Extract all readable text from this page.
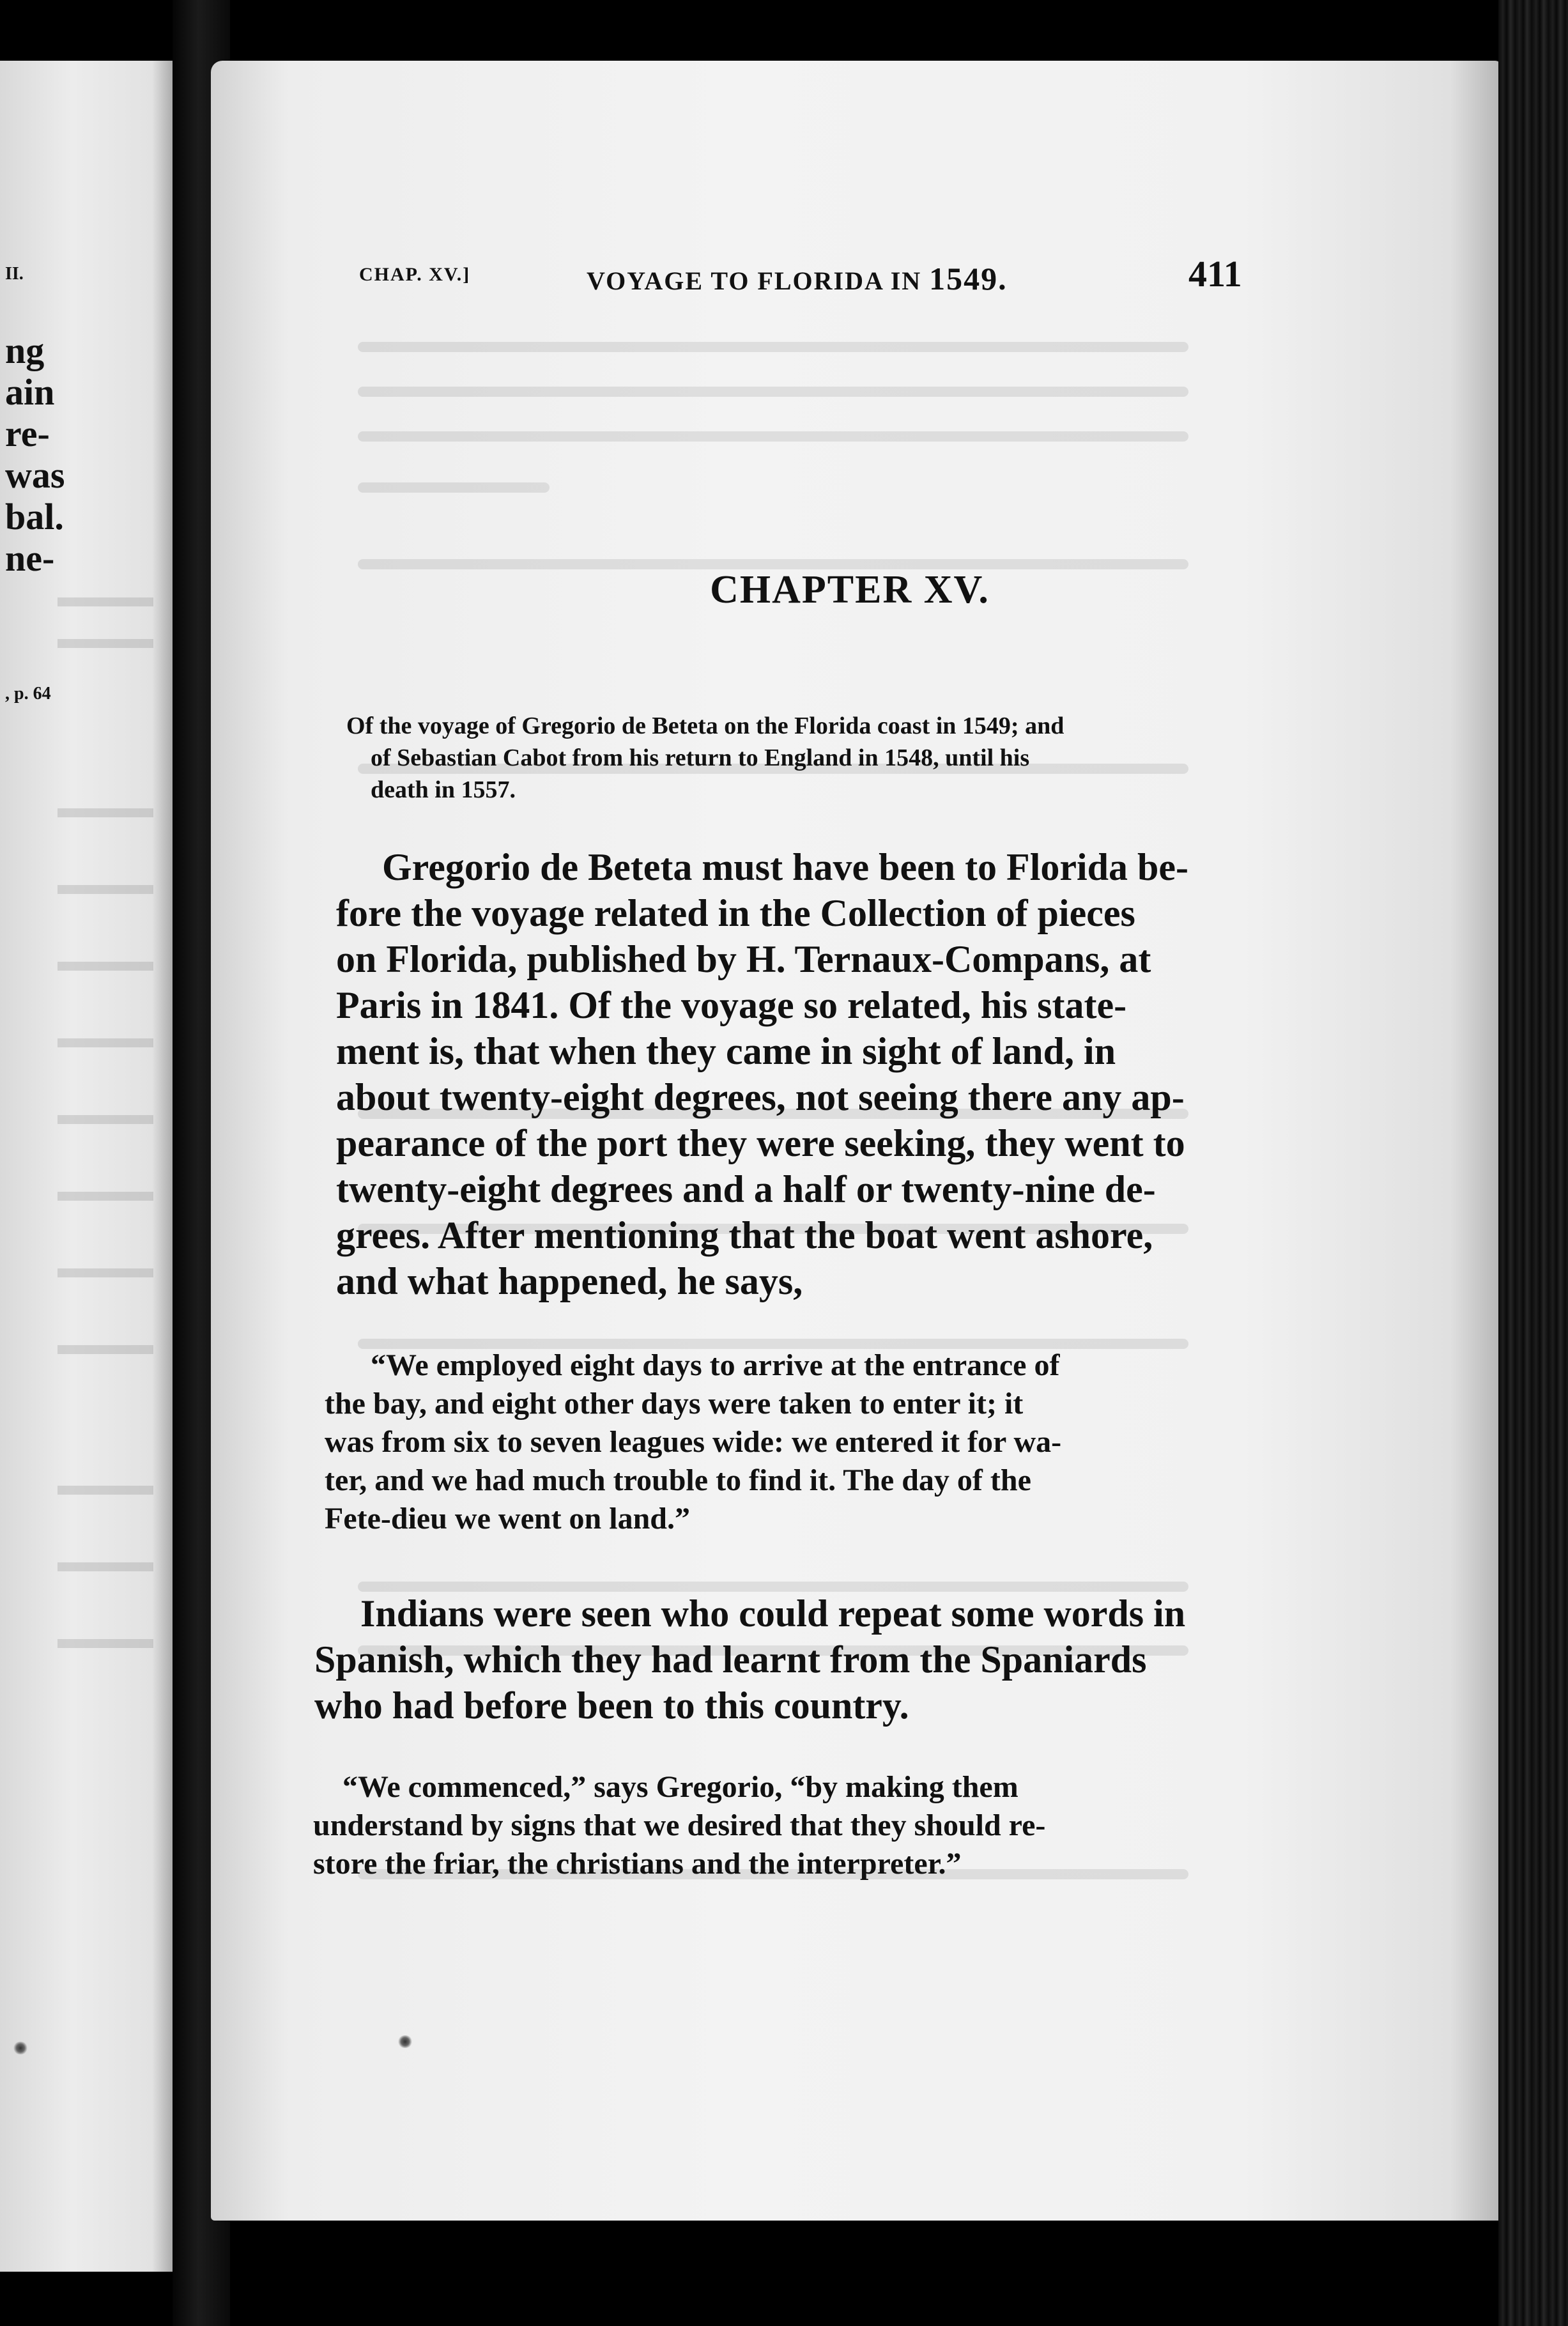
II.
ng
ain
re-
was
bal.
ne-
, p. 64
CHAP. XV.]	VOYAGE TO FLORIDA IN 1549.	411
CHAPTER XV.
Of the voyage of Gregorio de Beteta on the Florida coast in 1549; and
of Sebastian Cabot from his return to England in 1548, until his
death in 1557.
Gregorio de Beteta must have been to Florida be-
fore the voyage related in the Collection of pieces
on Florida, published by H. Ternaux-Compans, at
Paris in 1841. Of the voyage so related, his state-
ment is, that when they came in sight of land, in
about twenty-eight degrees, not seeing there any ap-
pearance of the port they were seeking, they went to
twenty-eight degrees and a half or twenty-nine de-
grees. After mentioning that the boat went ashore,
and what happened, he says,
“We employed eight days to arrive at the entrance of
the bay, and eight other days were taken to enter it; it
was from six to seven leagues wide: we entered it for wa-
ter, and we had much trouble to find it. The day of the
Fete-dieu we went on land.”
Indians were seen who could repeat some words in
Spanish, which they had learnt from the Spaniards
who had before been to this country.
“We commenced,” says Gregorio, “by making them
understand by signs that we desired that they should re-
store the friar, the christians and the interpreter.”
